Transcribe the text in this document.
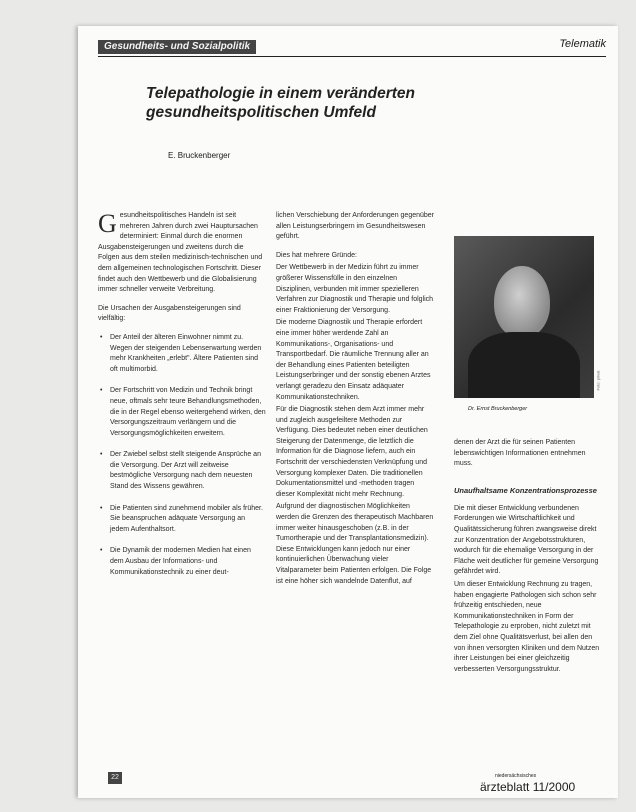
Gesundheits- und Sozialpolitik	Telematik
Telepathologie in einem veränderten gesundheitspolitischen Umfeld
E. Bruckenberger

Gesundheitspolitisches Handeln ist seit mehreren Jahren durch zwei Hauptursachen determiniert: Einmal durch die enormen Ausgabensteigerungen und zweitens durch die Folgen aus dem steilen medizinisch-technischen und dem allgemeinen technologischen Fortschritt. Dieser findet auch den Wettbewerb und die Globalisierung immer schneller verweite Verbreitung.

Die Ursachen der Ausgabensteigerungen sind vielfältig:

• Der Anteil der älteren Einwohner nimmt zu. Wegen der steigenden Lebenserwartung werden mehr Krankheiten „erlebt". Ältere Patienten sind oft multimorbid.
• Der Fortschritt von Medizin und Technik bringt neue, oftmals sehr teure Behandlungsmethoden, die in der Regel ebenso weitergehend wirken, den Versorgungszeitraum verlängern und die Versorgungsmöglichkeiten erweitern.
• Der Zwiebel selbst stellt steigende Ansprüche an die Versorgung. Der Arzt will zeitweise bestmögliche Versorgung nach dem neuesten Stand des Wissens gewähren.
• Die Patienten sind zunehmend mobiler als früher. Sie beanspruchen adäquate Versorgung an jedem Aufenthaltsort.
• Die Dynamik der modernen Medien hat einen dem Ausbau der Informations- und Kommunikationstechnik zu einer deut-

lichen Verschiebung der Anforderungen gegenüber allen Leistungserbringern im Gesundheitswesen geführt.

Dies hat mehrere Gründe:

Der Wettbewerb in der Medizin führt zu immer größerer Wissensfülle in den einzelnen Disziplinen, verbunden mit immer spezielleren Verfahren zur Diagnostik und Therapie und folglich einer Fraktionierung der Versorgung.

Die moderne Diagnostik und Therapie erfordert eine immer höher werdende Zahl an Kommunikations-, Organisations- und Transportbedarf. Die räumliche Trennung aller an der Behandlung eines Patienten beteiligten Leistungserbringer und der sonstig ebenen Arztes verlangt geradezu den Einsatz adäquater Kommunikationstechniken.

Für die Diagnostik stehen dem Arzt immer mehr und zugleich ausgefeiltere Methoden zur Verfügung. Dies bedeutet neben einer deutlichen Steigerung der Datenmenge, die letztlich die Information für die Diagnose liefern, auch ein Fortschritt der verschiedensten Verknüpfung und Versorgung komplexer Daten. Die traditionellen Dokumentationsmittel und -methoden tragen dieser Komplexität nicht mehr Rechnung.

Aufgrund der diagnostischen Möglichkeiten werden die Grenzen des therapeutisch Machbaren immer weiter hinausgeschoben (z.B. in der Tumortherapie und der Transplantationsmedizin). Diese Entwicklungen kann jedoch nur einer kontinuierlichen Überwachung vieler Vitalparameter beim Patienten erfolgen. Die Folge ist eine höher sich wandelnde Datenflut, auf

Foto: privat
Dr. Ernst Bruckenberger

denen der Arzt die für seinen Patienten lebenswichtigen Informationen entnehmen muss.

Unaufhaltsame Konzentrationsprozesse

Die mit dieser Entwicklung verbundenen Forderungen wie Wirtschaftlichkeit und Qualitätssicherung führen zwangsweise direkt zur Konzentration der Angebotsstrukturen, wodurch für die ehemalige Versorgung in der Fläche weit deutlicher für gemeine Versorgung gefährdet wird.

Um dieser Entwicklung Rechnung zu tragen, haben engagierte Pathologen sich schon sehr frühzeitig entschieden, neue Kommunikationstechniken in Form der Telepathologie zu erproben, nicht zuletzt mit dem Ziel ohne Qualitätsverlust, bei allen den von ihnen versorgten Kliniken und dem Nutzen ihrer Leistungen bei einer gleichzeitig verbesserten Versorgungsstruktur.

22	niedersächsisches
ärzteblatt 11/2000
